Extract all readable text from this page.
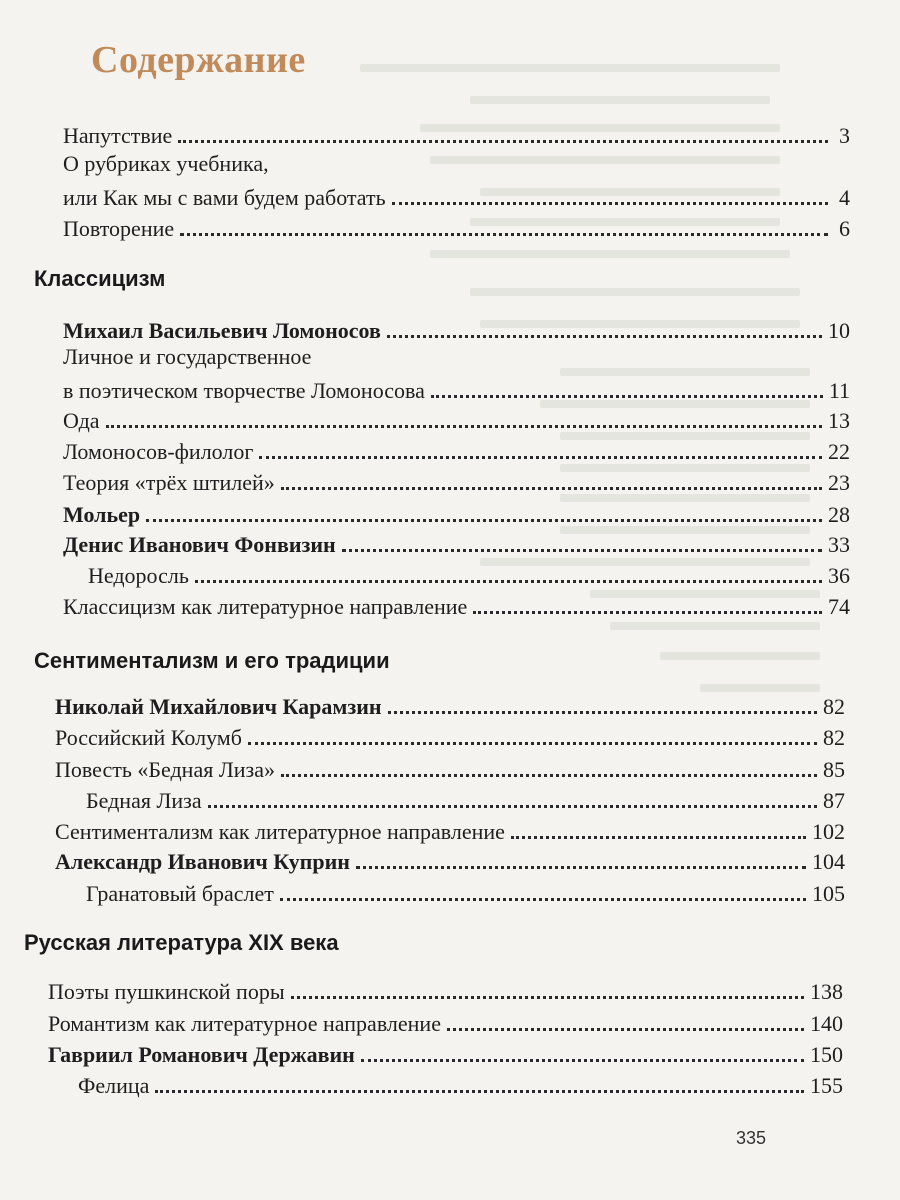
Содержание
Напутствие	3
О рубриках учебника,
или Как мы с вами будем работать	4
Повторение	6
Классицизм
Михаил Васильевич Ломоносов	10
Личное и государственное
в поэтическом творчестве Ломоносова	11
Ода	13
Ломоносов-филолог	22
Теория «трёх штилей»	23
Мольер	28
Денис Иванович Фонвизин	33
Недоросль	36
Классицизм как литературное направление	74
Сентиментализм и его традиции
Николай Михайлович Карамзин	82
Российский Колумб	82
Повесть «Бедная Лиза»	85
Бедная Лиза	87
Сентиментализм как литературное направление	102
Александр Иванович Куприн	104
Гранатовый браслет	105
Русская литература XIX века
Поэты пушкинской поры	138
Романтизм как литературное направление	140
Гавриил Романович Державин	150
Фелица	155
335
